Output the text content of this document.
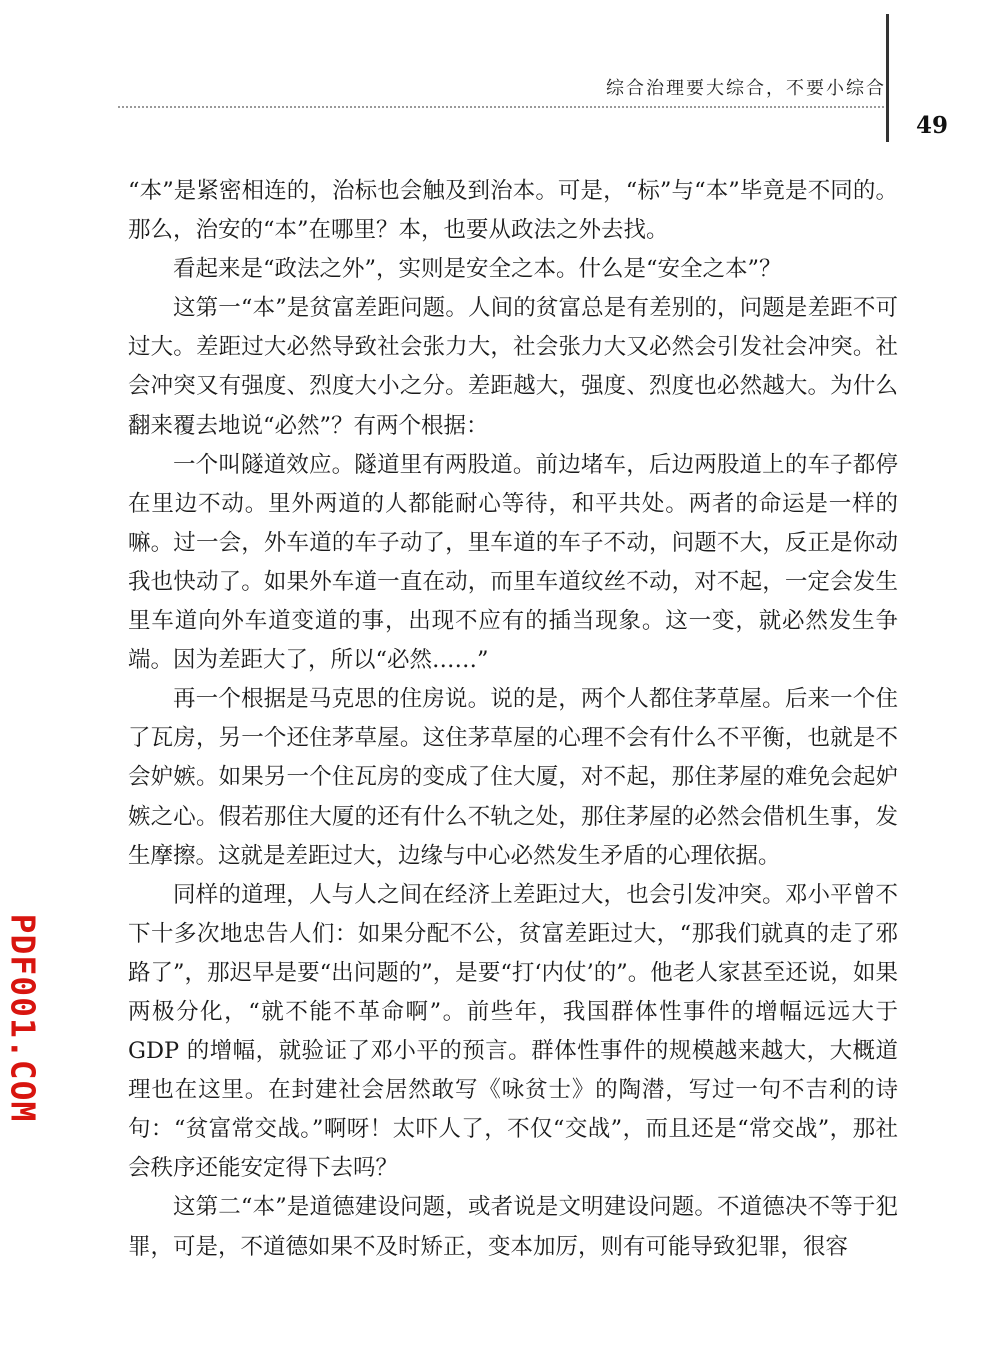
综合治理要大综合，不要小综合
49

“本”是紧密相连的，治标也会触及到治本。可是，“标”与“本”毕竟是不同的。那么，治安的“本”在哪里？本，也要从政法之外去找。

看起来是“政法之外”，实则是安全之本。什么是“安全之本”？

这第一“本”是贫富差距问题。人间的贫富总是有差别的，问题是差距不可过大。差距过大必然导致社会张力大，社会张力大又必然会引发社会冲突。社会冲突又有强度、烈度大小之分。差距越大，强度、烈度也必然越大。为什么翻来覆去地说“必然”？有两个根据：

一个叫隧道效应。隧道里有两股道。前边堵车，后边两股道上的车子都停在里边不动。里外两道的人都能耐心等待，和平共处。两者的命运是一样的嘛。过一会，外车道的车子动了，里车道的车子不动，问题不大，反正是你动我也快动了。如果外车道一直在动，而里车道纹丝不动，对不起，一定会发生里车道向外车道变道的事，出现不应有的插当现象。这一变，就必然发生争端。因为差距大了，所以“必然……”

再一个根据是马克思的住房说。说的是，两个人都住茅草屋。后来一个住了瓦房，另一个还住茅草屋。这住茅草屋的心理不会有什么不平衡，也就是不会妒嫉。如果另一个住瓦房的变成了住大厦，对不起，那住茅屋的难免会起妒嫉之心。假若那住大厦的还有什么不轨之处，那住茅屋的必然会借机生事，发生摩擦。这就是差距过大，边缘与中心必然发生矛盾的心理依据。

同样的道理，人与人之间在经济上差距过大，也会引发冲突。邓小平曾不下十多次地忠告人们：如果分配不公，贫富差距过大，“那我们就真的走了邪路了”，那迟早是要“出问题的”，是要“打‘内仗’的”。他老人家甚至还说，如果两极分化，“就不能不革命啊”。前些年，我国群体性事件的增幅远远大于 GDP 的增幅，就验证了邓小平的预言。群体性事件的规模越来越大，大概道理也在这里。在封建社会居然敢写《咏贫士》的陶潜，写过一句不吉利的诗句：“贫富常交战。”啊呀！太吓人了，不仅“交战”，而且还是“常交战”，那社会秩序还能安定得下去吗？

这第二“本”是道德建设问题，或者说是文明建设问题。不道德决不等于犯罪，可是，不道德如果不及时矫正，变本加厉，则有可能导致犯罪，很容

PDF001.COM
